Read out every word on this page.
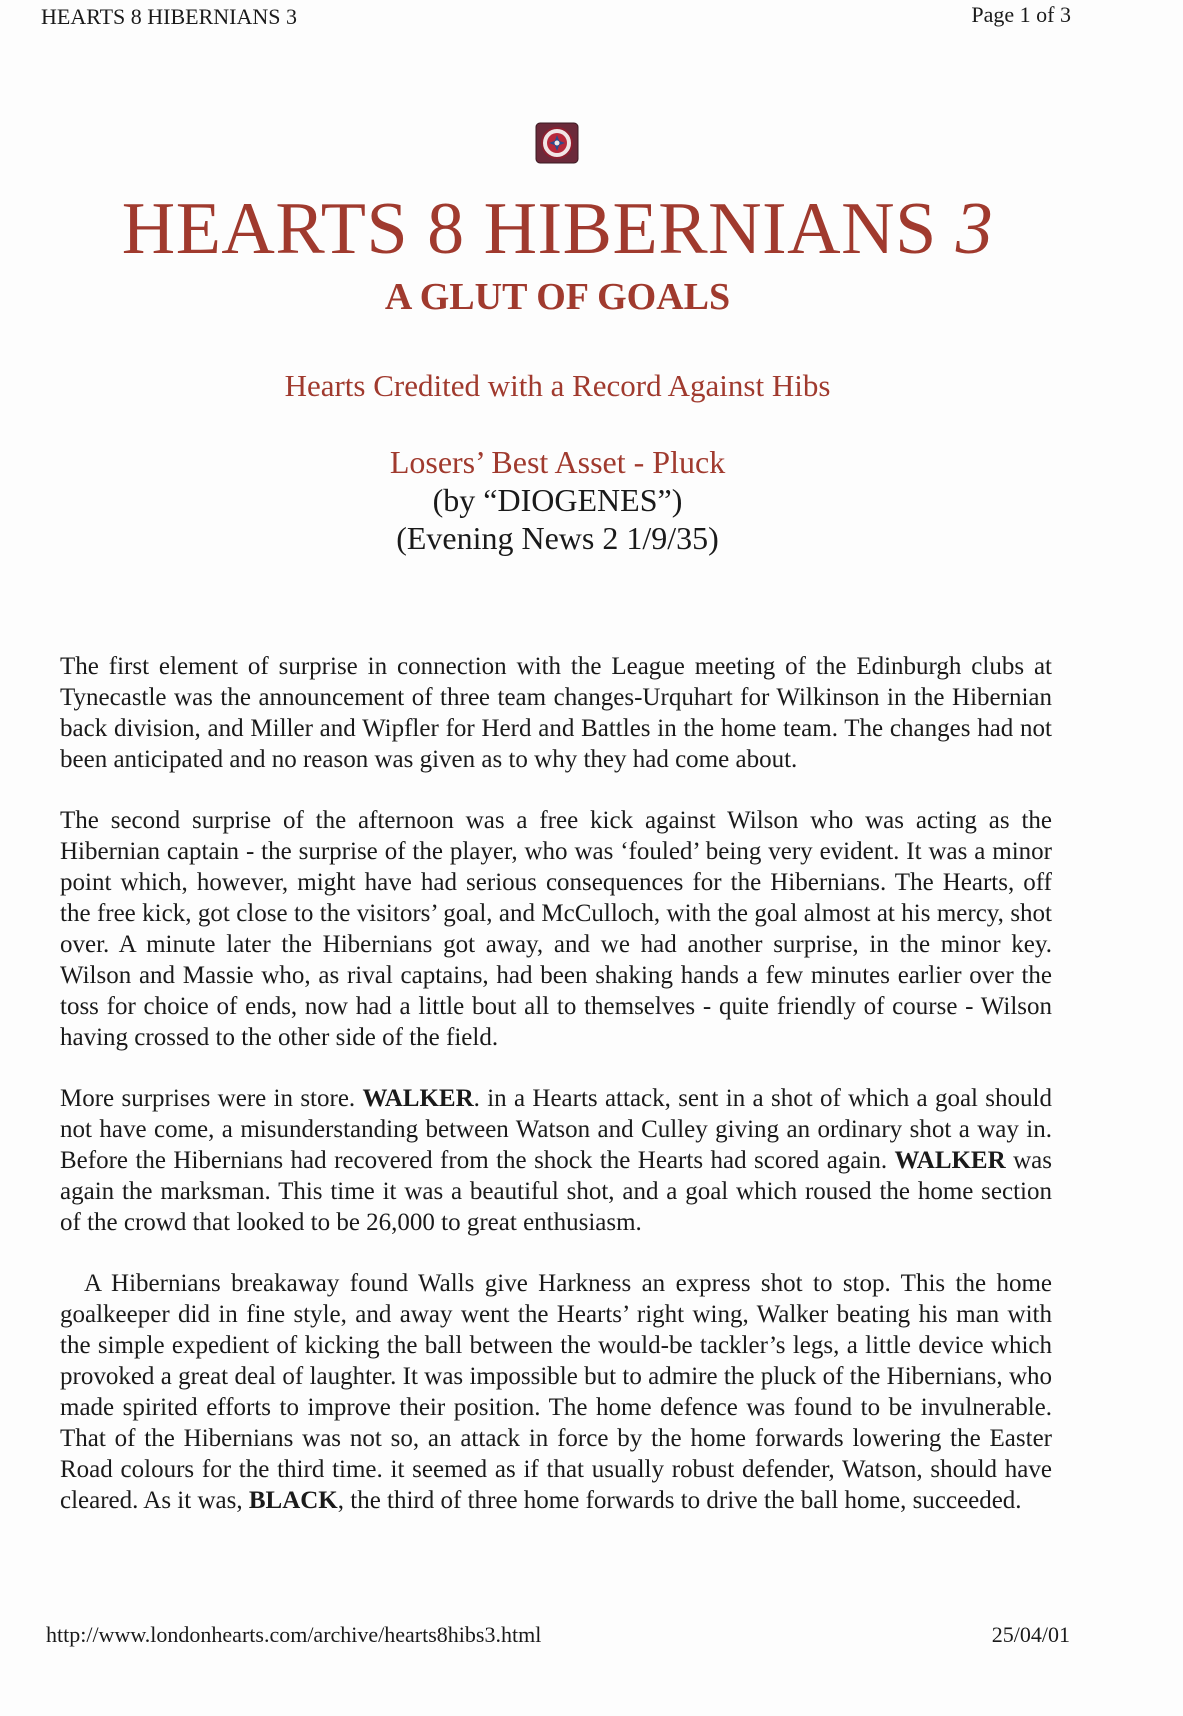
HEARTS 8 HIBERNIANS 3	Page 1 of 3
HEARTS 8 HIBERNIANS 3
A GLUT OF GOALS
Hearts Credited with a Record Against Hibs
Losers’ Best Asset - Pluck
(by “DIOGENES”)
(Evening News 2 1/9/35)

The first element of surprise in connection with the League meeting of the Edinburgh clubs at Tynecastle was the announcement of three team changes-Urquhart for Wilkinson in the Hibernian back division, and Miller and Wipfler for Herd and Battles in the home team. The changes had not been anticipated and no reason was given as to why they had come about.

The second surprise of the afternoon was a free kick against Wilson who was acting as the Hibernian captain - the surprise of the player, who was ‘fouled’ being very evident. It was a minor point which, however, might have had serious consequences for the Hibernians. The Hearts, off the free kick, got close to the visitors’ goal, and McCulloch, with the goal almost at his mercy, shot over. A minute later the Hibernians got away, and we had another surprise, in the minor key. Wilson and Massie who, as rival captains, had been shaking hands a few minutes earlier over the toss for choice of ends, now had a little bout all to themselves - quite friendly of course - Wilson having crossed to the other side of the field.

More surprises were in store. WALKER. in a Hearts attack, sent in a shot of which a goal should not have come, a misunderstanding between Watson and Culley giving an ordinary shot a way in. Before the Hibernians had recovered from the shock the Hearts had scored again. WALKER was again the marksman. This time it was a beautiful shot, and a goal which roused the home section of the crowd that looked to be 26,000 to great enthusiasm.

A Hibernians breakaway found Walls give Harkness an express shot to stop. This the home goalkeeper did in fine style, and away went the Hearts’ right wing, Walker beating his man with the simple expedient of kicking the ball between the would-be tackler’s legs, a little device which provoked a great deal of laughter. It was impossible but to admire the pluck of the Hibernians, who made spirited efforts to improve their position. The home defence was found to be invulnerable. That of the Hibernians was not so, an attack in force by the home forwards lowering the Easter Road colours for the third time. it seemed as if that usually robust defender, Watson, should have cleared. As it was, BLACK, the third of three home forwards to drive the ball home, succeeded.

http://www.londonhearts.com/archive/hearts8hibs3.html	25/04/01
